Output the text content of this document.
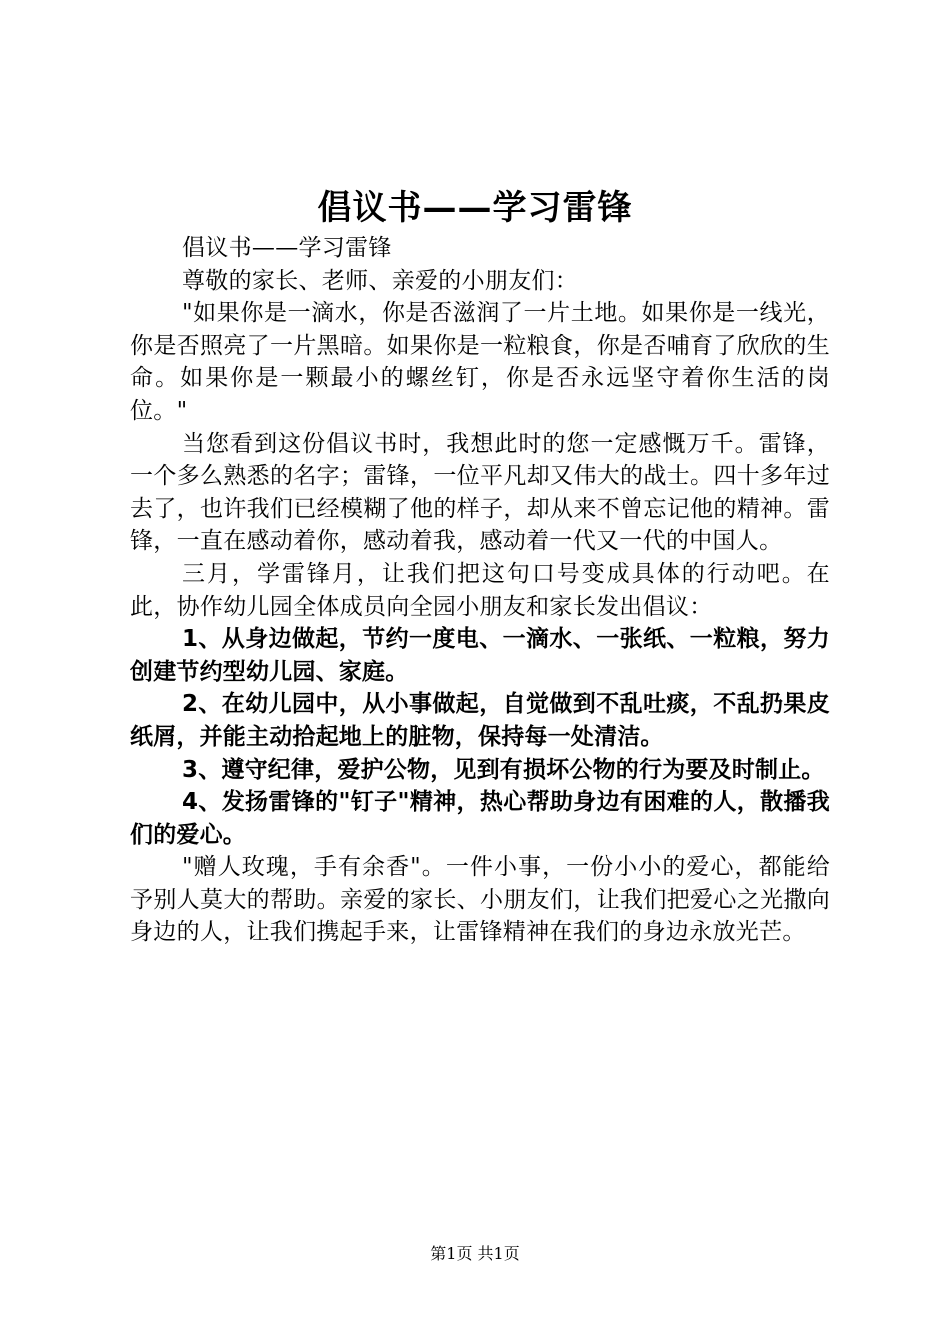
倡议书——学习雷锋

倡议书——学习雷锋

尊敬的家长、老师、亲爱的小朋友们：

"如果你是一滴水，你是否滋润了一片土地。如果你是一线光，你是否照亮了一片黑暗。如果你是一粒粮食，你是否哺育了欣欣的生命。如果你是一颗最小的螺丝钉，你是否永远坚守着你生活的岗位。"

当您看到这份倡议书时，我想此时的您一定感慨万千。雷锋，一个多么熟悉的名字；雷锋，一位平凡却又伟大的战士。四十多年过去了，也许我们已经模糊了他的样子，却从来不曾忘记他的精神。雷锋，一直在感动着你，感动着我，感动着一代又一代的中国人。

三月，学雷锋月，让我们把这句口号变成具体的行动吧。在此，协作幼儿园全体成员向全园小朋友和家长发出倡议：

1、从身边做起，节约一度电、一滴水、一张纸、一粒粮，努力创建节约型幼儿园、家庭。

2、在幼儿园中，从小事做起，自觉做到不乱吐痰，不乱扔果皮纸屑，并能主动拾起地上的脏物，保持每一处清洁。

3、遵守纪律，爱护公物，见到有损坏公物的行为要及时制止。

4、发扬雷锋的"钉子"精神，热心帮助身边有困难的人，散播我们的爱心。

"赠人玫瑰，手有余香"。一件小事，一份小小的爱心，都能给予别人莫大的帮助。亲爱的家长、小朋友们，让我们把爱心之光撒向身边的人，让我们携起手来，让雷锋精神在我们的身边永放光芒。

第1页 共1页
